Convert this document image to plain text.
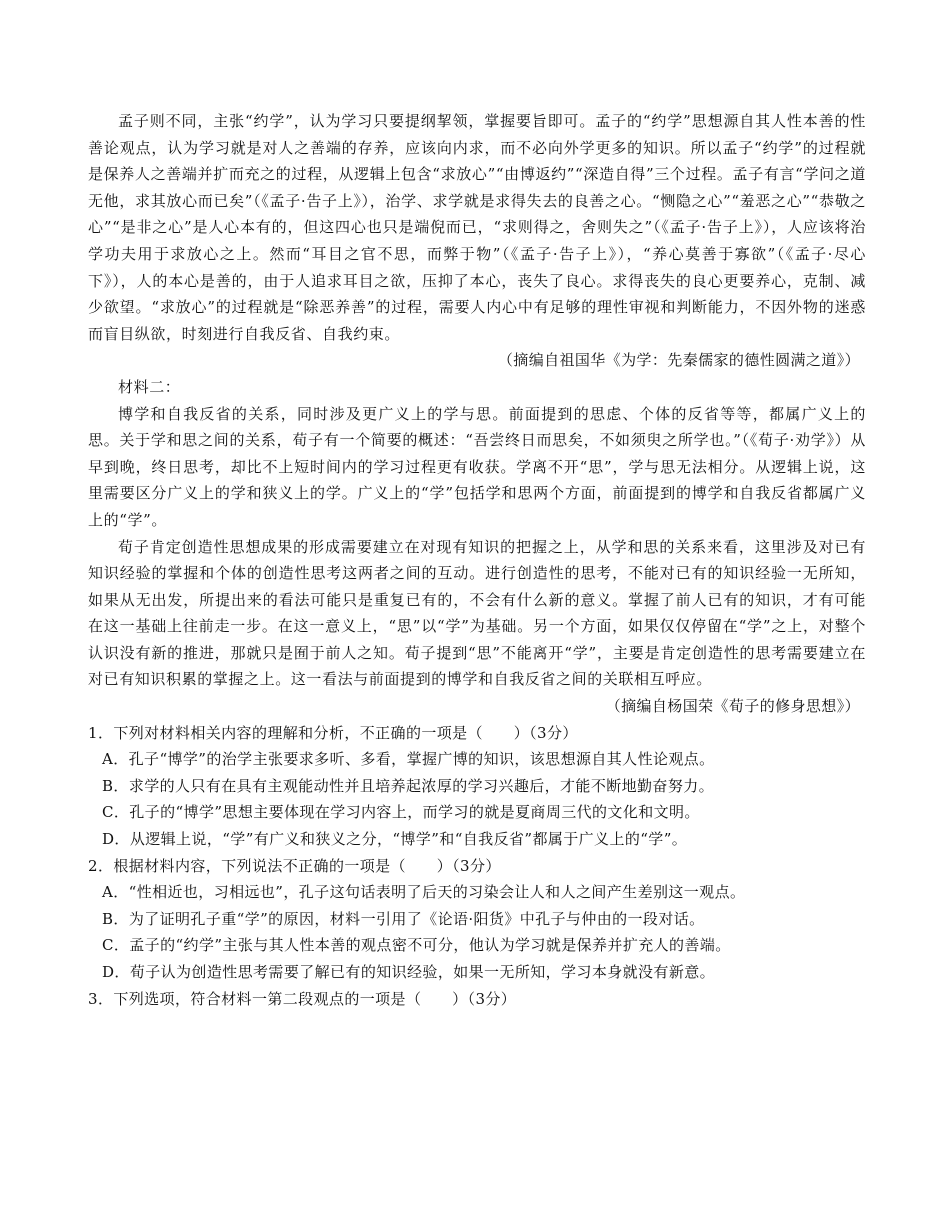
孟子则不同，主张“约学”，认为学习只要提纲挈领，掌握要旨即可。孟子的“约学”思想源自其人性本善的性善论观点，认为学习就是对人之善端的存养，应该向内求，而不必向外学更多的知识。所以孟子“约学”的过程就是保养人之善端并扩而充之的过程，从逻辑上包含“求放心”“由博返约”“深造自得”三个过程。孟子有言“学问之道无他，求其放心而已矣”（《孟子·告子上》），治学、求学就是求得失去的良善之心。“恻隐之心”“羞恶之心”“恭敬之心”“是非之心”是人心本有的，但这四心也只是端倪而已，“求则得之，舍则失之”（《孟子·告子上》），人应该将治学功夫用于求放心之上。然而“耳目之官不思，而弊于物”（《孟子·告子上》），“养心莫善于寡欲”（《孟子·尽心下》），人的本心是善的，由于人追求耳目之欲，压抑了本心，丧失了良心。求得丧失的良心更要养心，克制、减少欲望。“求放心”的过程就是“除恶养善”的过程，需要人内心中有足够的理性审视和判断能力，不因外物的迷惑而盲目纵欲，时刻进行自我反省、自我约束。

（摘编自祖国华《为学：先秦儒家的德性圆满之道》）

材料二：

博学和自我反省的关系，同时涉及更广义上的学与思。前面提到的思虑、个体的反省等等，都属广义上的思。关于学和思之间的关系，荀子有一个简要的概述：“吾尝终日而思矣，不如须臾之所学也。”（《荀子·劝学》）从早到晚，终日思考，却比不上短时间内的学习过程更有收获。学离不开“思”，学与思无法相分。从逻辑上说，这里需要区分广义上的学和狭义上的学。广义上的“学”包括学和思两个方面，前面提到的博学和自我反省都属广义上的“学”。

荀子肯定创造性思想成果的形成需要建立在对现有知识的把握之上，从学和思的关系来看，这里涉及对已有知识经验的掌握和个体的创造性思考这两者之间的互动。进行创造性的思考，不能对已有的知识经验一无所知，如果从无出发，所提出来的看法可能只是重复已有的，不会有什么新的意义。掌握了前人已有的知识，才有可能在这一基础上往前走一步。在这一意义上，“思”以“学”为基础。另一个方面，如果仅仅停留在“学”之上，对整个认识没有新的推进，那就只是囿于前人之知。荀子提到“思”不能离开“学”，主要是肯定创造性的思考需要建立在对已有知识积累的掌握之上。这一看法与前面提到的博学和自我反省之间的关联相互呼应。

（摘编自杨国荣《荀子的修身思想》）

1．下列对材料相关内容的理解和分析，不正确的一项是（　　）（3分）

A．孔子“博学”的治学主张要求多听、多看，掌握广博的知识，该思想源自其人性论观点。

B．求学的人只有在具有主观能动性并且培养起浓厚的学习兴趣后，才能不断地勤奋努力。

C．孔子的“博学”思想主要体现在学习内容上，而学习的就是夏商周三代的文化和文明。

D．从逻辑上说，“学”有广义和狭义之分，“博学”和“自我反省”都属于广义上的“学”。

2．根据材料内容，下列说法不正确的一项是（　　）（3分）

A．“性相近也，习相远也”，孔子这句话表明了后天的习染会让人和人之间产生差别这一观点。

B．为了证明孔子重“学”的原因，材料一引用了《论语·阳货》中孔子与仲由的一段对话。

C．孟子的“约学”主张与其人性本善的观点密不可分，他认为学习就是保养并扩充人的善端。

D．荀子认为创造性思考需要了解已有的知识经验，如果一无所知，学习本身就没有新意。

3．下列选项，符合材料一第二段观点的一项是（　　）（3分）
